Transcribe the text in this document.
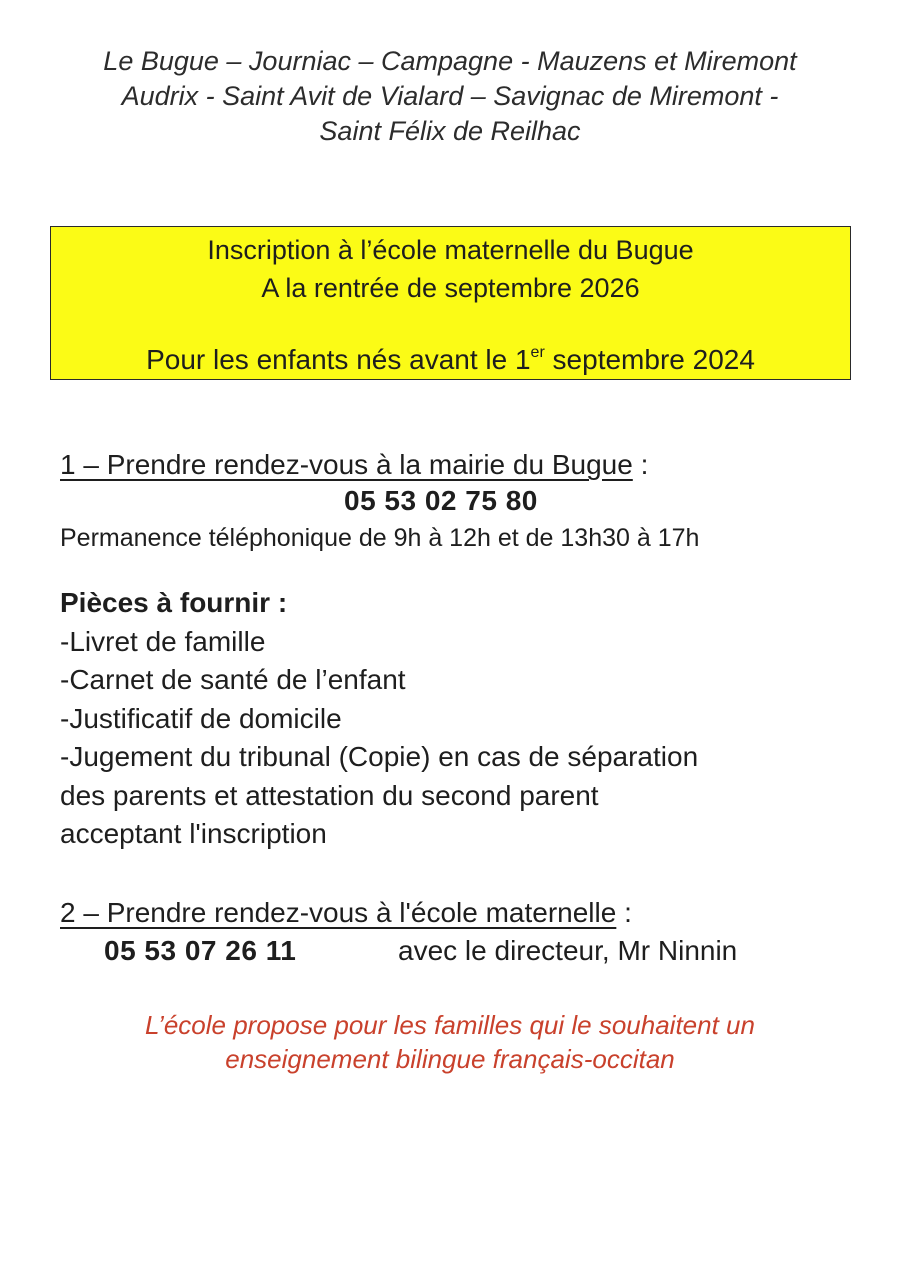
Le Bugue – Journiac – Campagne - Mauzens et Miremont
Audrix - Saint Avit de Vialard – Savignac de Miremont -
Saint Félix de Reilhac
Inscription à l’école maternelle du Bugue
A la rentrée de septembre 2026
Pour les enfants nés avant le 1er septembre 2024
1 – Prendre rendez-vous à la mairie du Bugue :
05 53 02 75 80
Permanence téléphonique de 9h à 12h et de 13h30 à 17h
Pièces à fournir :
-Livret de famille
-Carnet de santé de l’enfant
-Justificatif de domicile
-Jugement du tribunal (Copie) en cas de séparation
des parents et attestation du second parent
acceptant l'inscription
2 – Prendre rendez-vous à l'école maternelle :
05 53 07 26 11	avec le directeur, Mr Ninnin
L’école propose pour les familles qui le souhaitent un
enseignement bilingue français-occitan
